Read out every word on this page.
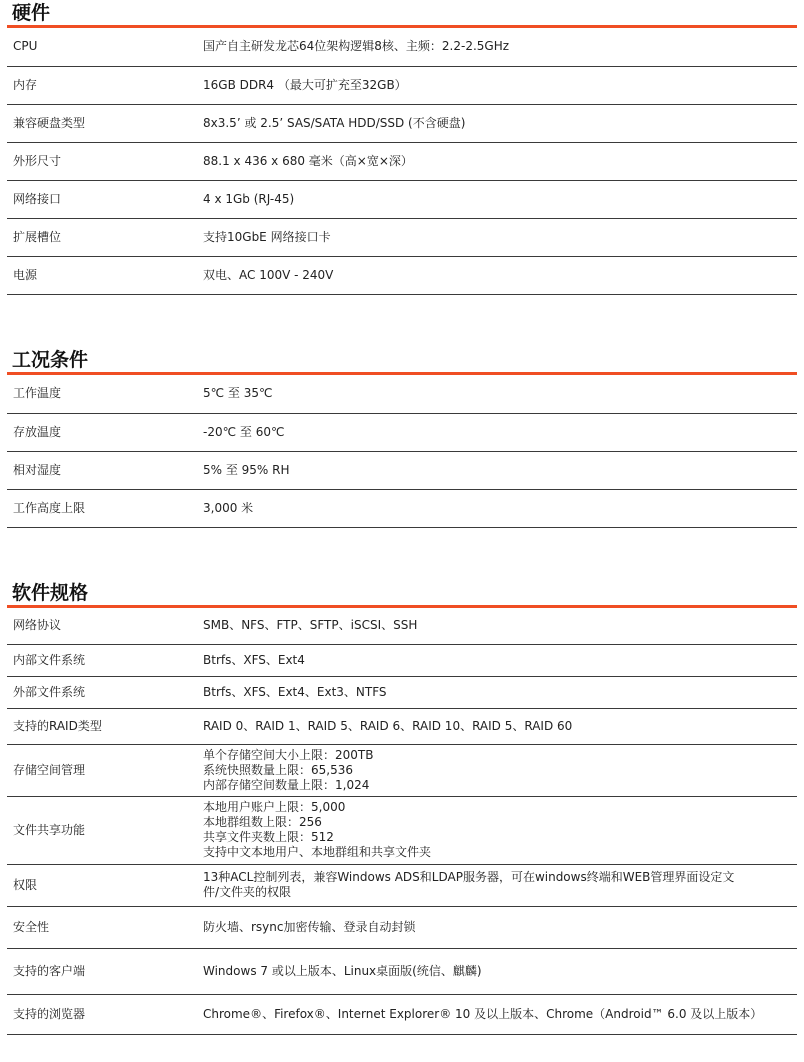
硬件
CPU	国产自主研发龙芯64位架构逻辑8核、主频：2.2-2.5GHz

内存	16GB DDR4 （最大可扩充至32GB）

兼容硬盘类型	8x3.5’ 或 2.5’ SAS/SATA HDD/SSD (不含硬盘)

外形尺寸	88.1 x 436 x 680 毫米（高×宽×深）

网络接口	4 x 1Gb (RJ-45)

扩展槽位	支持10GbE 网络接口卡

电源	双电、AC 100V - 240V
工况条件
工作温度	5℃ 至 35℃

存放温度	-20℃ 至 60℃

相对湿度	5% 至 95% RH

工作高度上限	3,000 米
软件规格
网络协议	SMB、NFS、FTP、SFTP、iSCSI、SSH

内部文件系统	Btrfs、XFS、Ext4

外部文件系统	Btrfs、XFS、Ext4、Ext3、NTFS

支持的RAID类型	RAID 0、RAID 1、RAID 5、RAID 6、RAID 10、RAID 5、RAID 60

存储空间管理	单个存储空间大小上限：200TB
系统快照数量上限：65,536
内部存储空间数量上限：1,024

文件共享功能	本地用户账户上限：5,000
本地群组数上限：256
共享文件夹数上限：512
支持中文本地用户、本地群组和共享文件夹

权限	13种ACL控制列表，兼容Windows ADS和LDAP服务器，可在windows终端和WEB管理界面设定文
件/文件夹的权限

安全性	防火墙、rsync加密传输、登录自动封锁

支持的客户端	Windows 7 或以上版本、Linux桌面版(统信、麒麟)

支持的浏览器	Chrome®、Firefox®、Internet Explorer® 10 及以上版本、Chrome（Android™ 6.0 及以上版本）
